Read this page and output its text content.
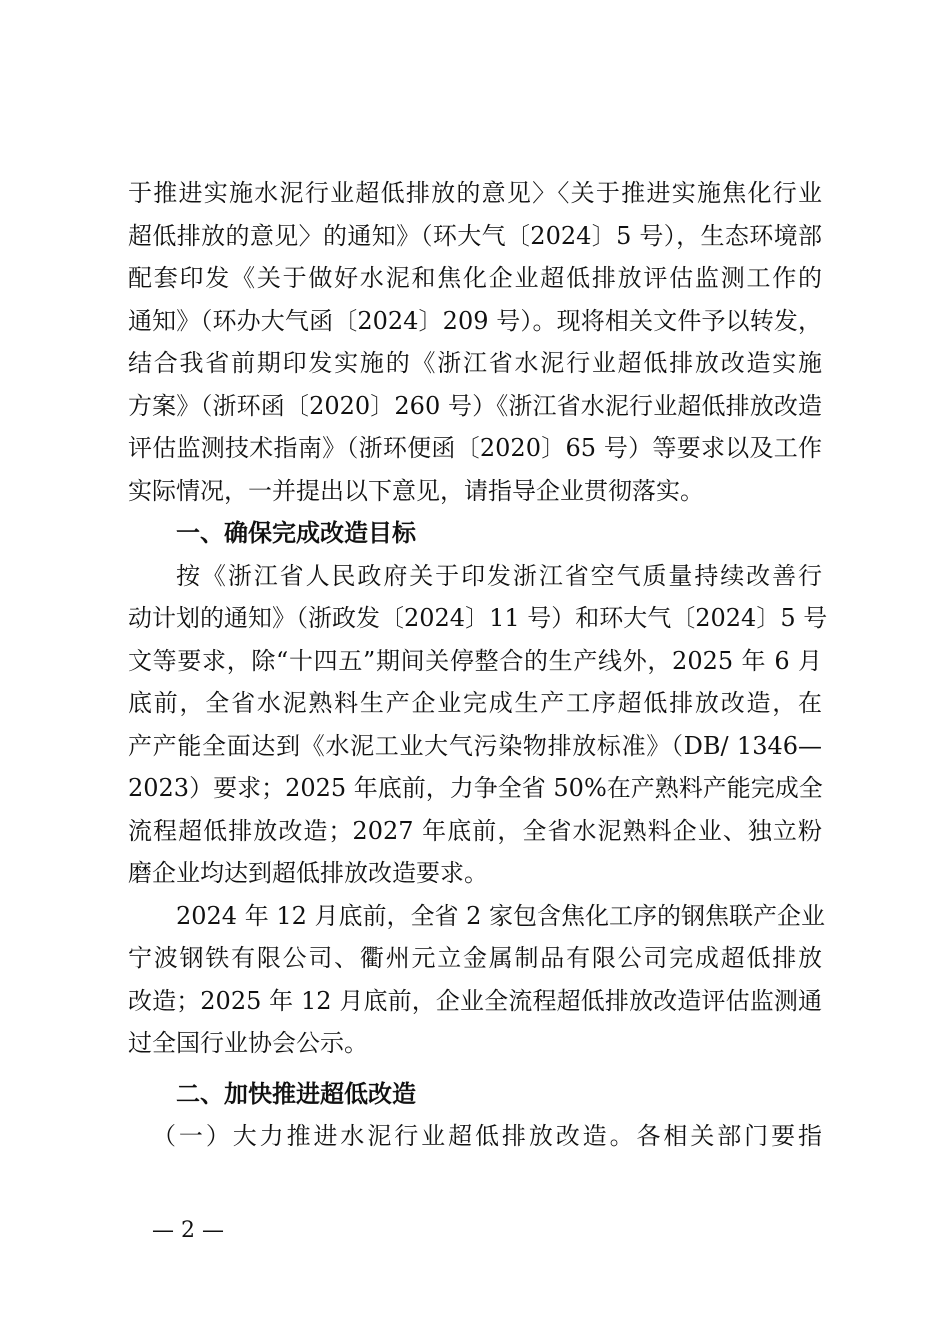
于推进实施水泥行业超低排放的意见〉〈关于推进实施焦化行业
超低排放的意见〉的通知》（环大气〔2024〕5 号），生态环境部
配套印发《关于做好水泥和焦化企业超低排放评估监测工作的
通知》（环办大气函〔2024〕209 号）。现将相关文件予以转发，
结合我省前期印发实施的《浙江省水泥行业超低排放改造实施
方案》（浙环函〔2020〕260 号）《浙江省水泥行业超低排放改造
评估监测技术指南》（浙环便函〔2020〕65 号）等要求以及工作
实际情况，一并提出以下意见，请指导企业贯彻落实。
一、确保完成改造目标
按《浙江省人民政府关于印发浙江省空气质量持续改善行
动计划的通知》（浙政发〔2024〕11 号）和环大气〔2024〕5 号
文等要求，除“十四五”期间关停整合的生产线外，2025 年 6 月
底前，全省水泥熟料生产企业完成生产工序超低排放改造，在
产产能全面达到《水泥工业大气污染物排放标准》（DB/ 1346—
2023）要求；2025 年底前，力争全省 50%在产熟料产能完成全
流程超低排放改造；2027 年底前，全省水泥熟料企业、独立粉
磨企业均达到超低排放改造要求。
2024 年 12 月底前，全省 2 家包含焦化工序的钢焦联产企业
宁波钢铁有限公司、衢州元立金属制品有限公司完成超低排放
改造；2025 年 12 月底前，企业全流程超低排放改造评估监测通
过全国行业协会公示。
二、加快推进超低改造
（一）大力推进水泥行业超低排放改造。各相关部门要指
— 2 —
